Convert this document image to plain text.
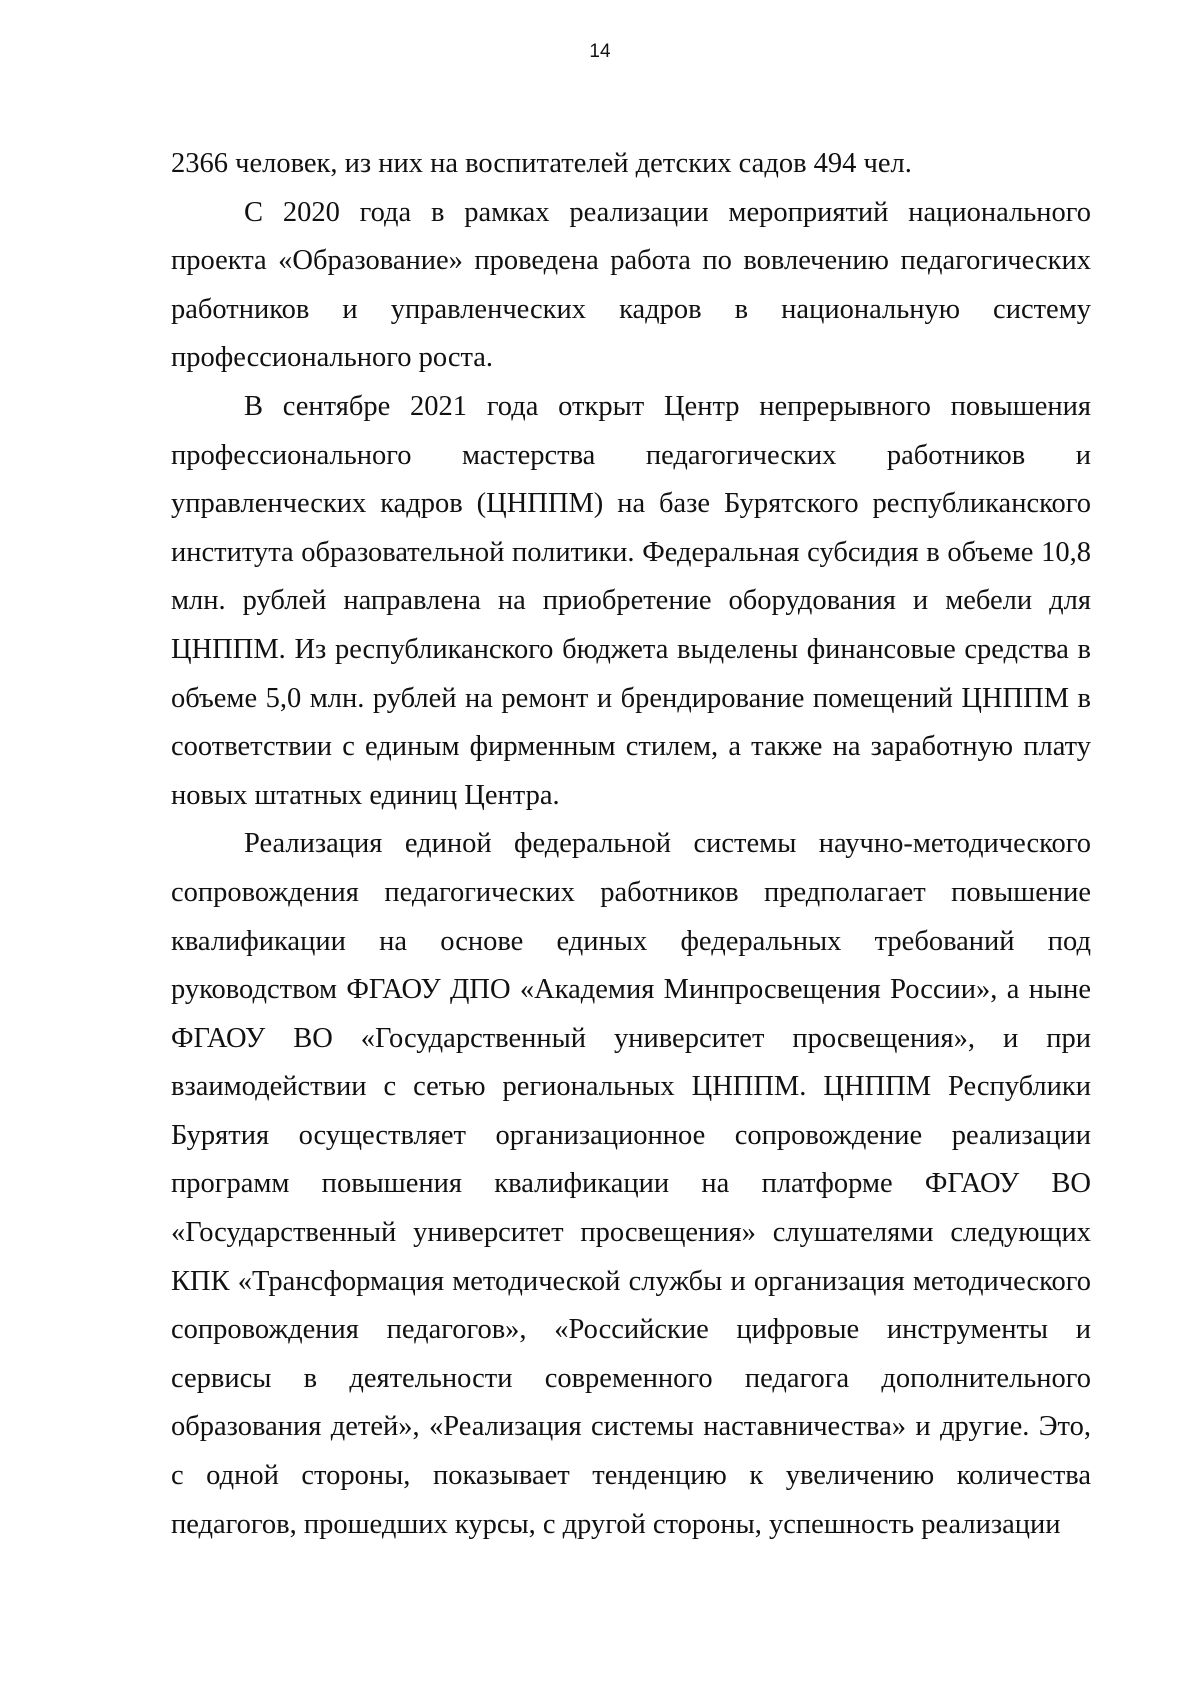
14

2366 человек, из них на воспитателей детских садов 494 чел.

С 2020 года в рамках реализации мероприятий национального проекта «Образование» проведена работа по вовлечению педагогических работников и управленческих кадров в национальную систему профессионального роста.

В сентябре 2021 года открыт Центр непрерывного повышения профессионального мастерства педагогических работников и управленческих кадров (ЦНППМ) на базе Бурятского республиканского института образовательной политики. Федеральная субсидия в объеме 10,8 млн. рублей направлена на приобретение оборудования и мебели для ЦНППМ. Из республиканского бюджета выделены финансовые средства в объеме 5,0 млн. рублей на ремонт и брендирование помещений ЦНППМ в соответствии с единым фирменным стилем, а также на заработную плату новых штатных единиц Центра.

Реализация единой федеральной системы научно-методического сопровождения педагогических работников предполагает повышение квалификации на основе единых федеральных требований под руководством ФГАОУ ДПО «Академия Минпросвещения России», а ныне ФГАОУ ВО «Государственный университет просвещения», и при взаимодействии с сетью региональных ЦНППМ. ЦНППМ Республики Бурятия осуществляет организационное сопровождение реализации программ повышения квалификации на платформе ФГАОУ ВО «Государственный университет просвещения» слушателями следующих КПК «Трансформация методической службы и организация методического сопровождения педагогов», «Российские цифровые инструменты и сервисы в деятельности современного педагога дополнительного образования детей», «Реализация системы наставничества» и другие. Это, с одной стороны, показывает тенденцию к увеличению количества педагогов, прошедших курсы, с другой стороны, успешность реализации
